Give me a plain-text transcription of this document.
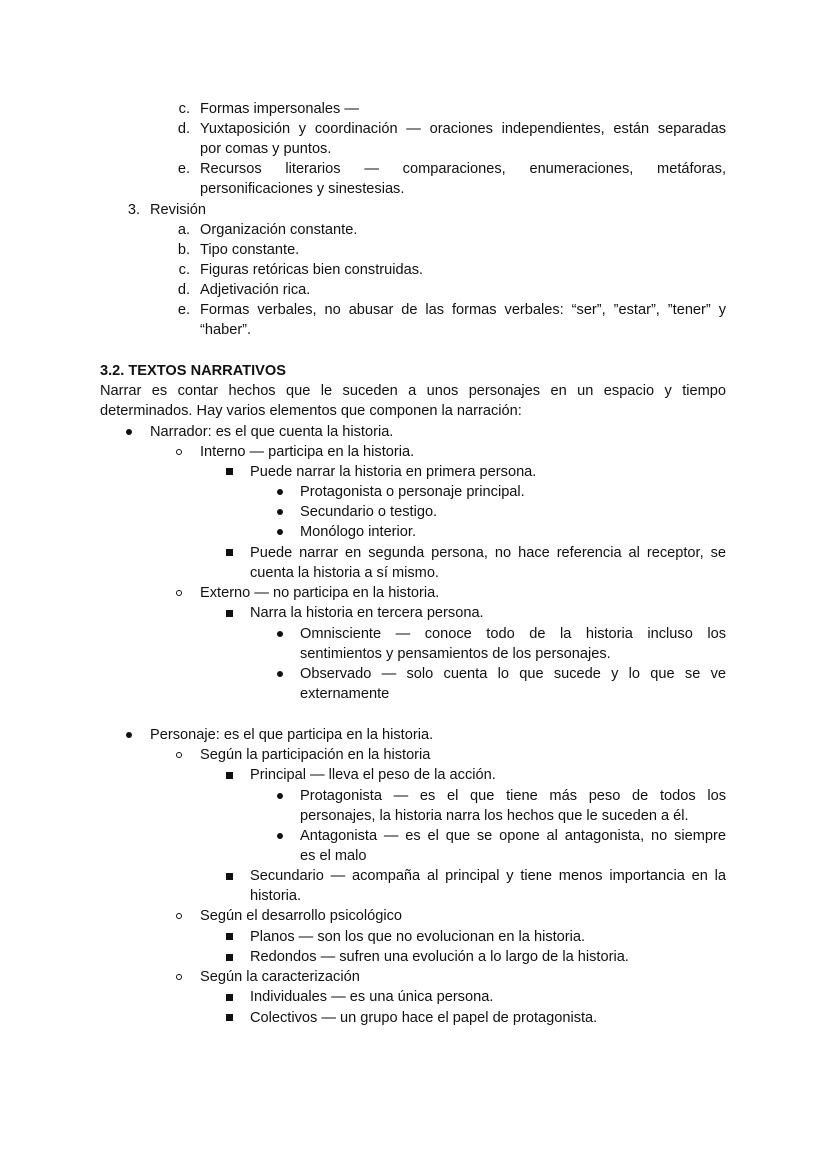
c. Formas impersonales —
d. Yuxtaposición y coordinación — oraciones independientes, están separadas
por comas y puntos.
e. Recursos literarios — comparaciones, enumeraciones, metáforas,
personificaciones y sinestesias.
3. Revisión
a. Organización constante.
b. Tipo constante.
c. Figuras retóricas bien construidas.
d. Adjetivación rica.
e. Formas verbales, no abusar de las formas verbales: “ser”, ”estar”, ”tener” y
“haber”.
3.2. TEXTOS NARRATIVOS
Narrar es contar hechos que le suceden a unos personajes en un espacio y tiempo
determinados. Hay varios elementos que componen la narración:
Narrador: es el que cuenta la historia.
Interno — participa en la historia.
Puede narrar la historia en primera persona.
Protagonista o personaje principal.
Secundario o testigo.
Monólogo interior.
Puede narrar en segunda persona, no hace referencia al receptor, se
cuenta la historia a sí mismo.
Externo — no participa en la historia.
Narra la historia en tercera persona.
Omnisciente — conoce todo de la historia incluso los
sentimientos y pensamientos de los personajes.
Observado — solo cuenta lo que sucede y lo que se ve
externamente
Personaje: es el que participa en la historia.
Según la participación en la historia
Principal — lleva el peso de la acción.
Protagonista — es el que tiene más peso de todos los
personajes, la historia narra los hechos que le suceden a él.
Antagonista — es el que se opone al antagonista, no siempre
es el malo
Secundario — acompaña al principal y tiene menos importancia en la
historia.
Según el desarrollo psicológico
Planos — son los que no evolucionan en la historia.
Redondos — sufren una evolución a lo largo de la historia.
Según la caracterización
Individuales — es una única persona.
Colectivos — un grupo hace el papel de protagonista.
